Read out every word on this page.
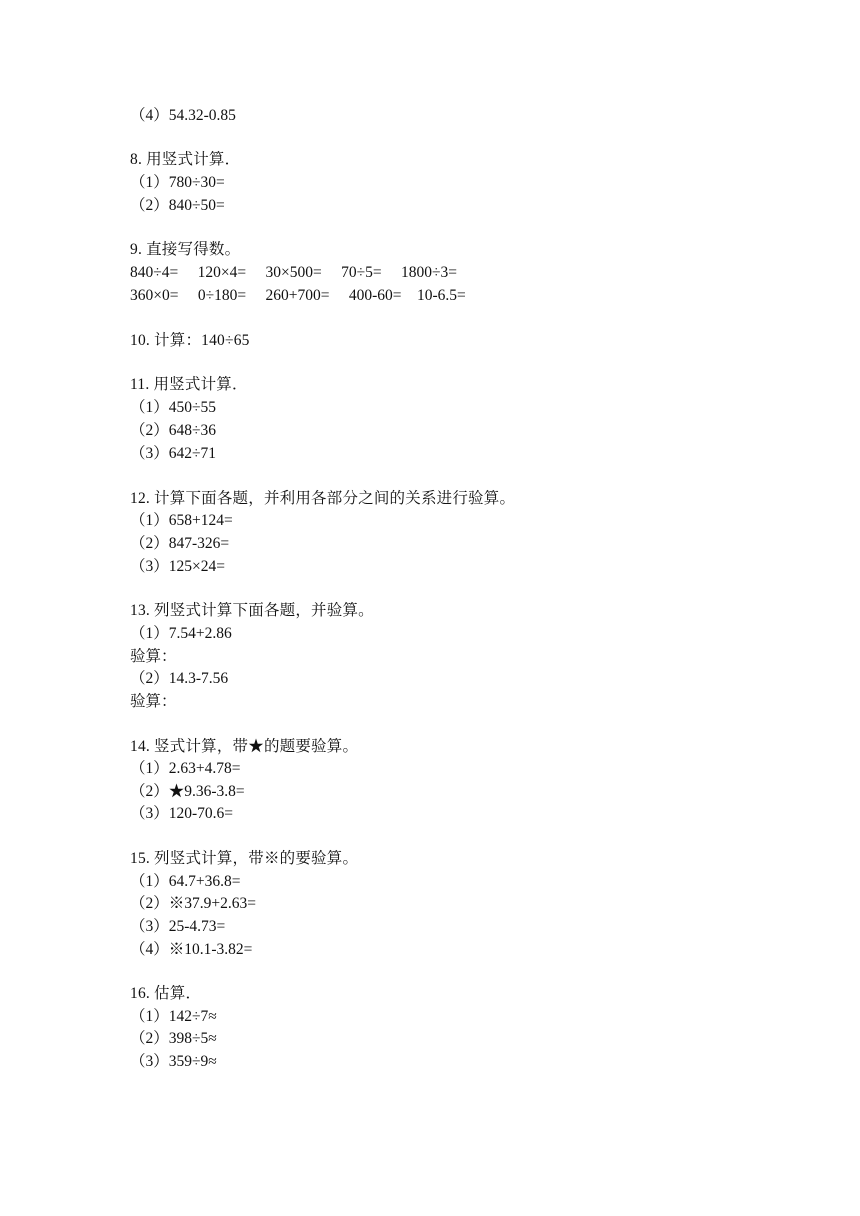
（4）54.32-0.85
8. 用竖式计算．
（1）780÷30=
（2）840÷50=
9. 直接写得数。
840÷4=     120×4=     30×500=     70÷5=     1800÷3=
360×0=     0÷180=     260+700=     400-60=    10-6.5=
10. 计算：140÷65
11. 用竖式计算．
（1）450÷55
（2）648÷36
（3）642÷71
12. 计算下面各题，并利用各部分之间的关系进行验算。
（1）658+124=
（2）847-326=
（3）125×24=
13. 列竖式计算下面各题，并验算。
（1）7.54+2.86
验算：
（2）14.3-7.56
验算：
14. 竖式计算，带★的题要验算。
（1）2.63+4.78=
（2）★9.36-3.8=
（3）120-70.6=
15. 列竖式计算，带※的要验算。
（1）64.7+36.8=
（2）※37.9+2.63=
（3）25-4.73=
（4）※10.1-3.82=
16. 估算．
（1）142÷7≈
（2）398÷5≈
（3）359÷9≈
